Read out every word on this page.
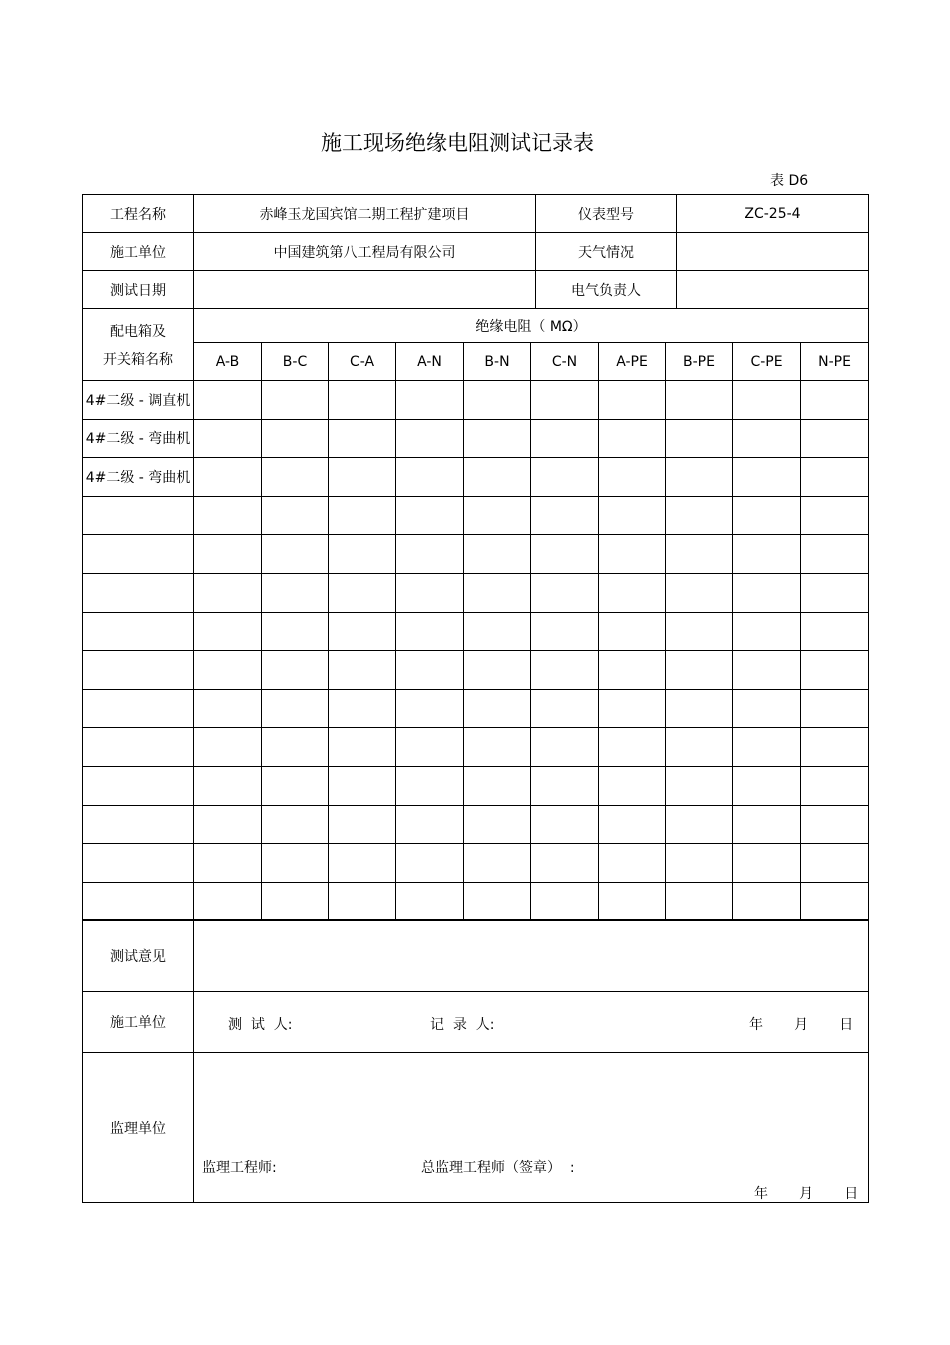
施工现场绝缘电阻测试记录表
表 D6
工程名称	赤峰玉龙国宾馆二期工程扩建项目	仪表型号	ZC-25-4
施工单位	中国建筑第八工程局有限公司	天气情况	
测试日期		电气负责人	
配电箱及
开关箱名称	绝缘电阻（ MΩ）									
	A-B	B-C	C-A	A-N	B-N	C-N	A-PE	B-PE	C-PE	N-PE
4#二级 - 调直机										
4#二级 - 弯曲机										
4#二级 - 弯曲机										

测试意见	
施工单位	测  试  人: 记  录  人: 年       月       日

监理单位	监理工程师: 总监理工程师（签章）  :
年       月       日
